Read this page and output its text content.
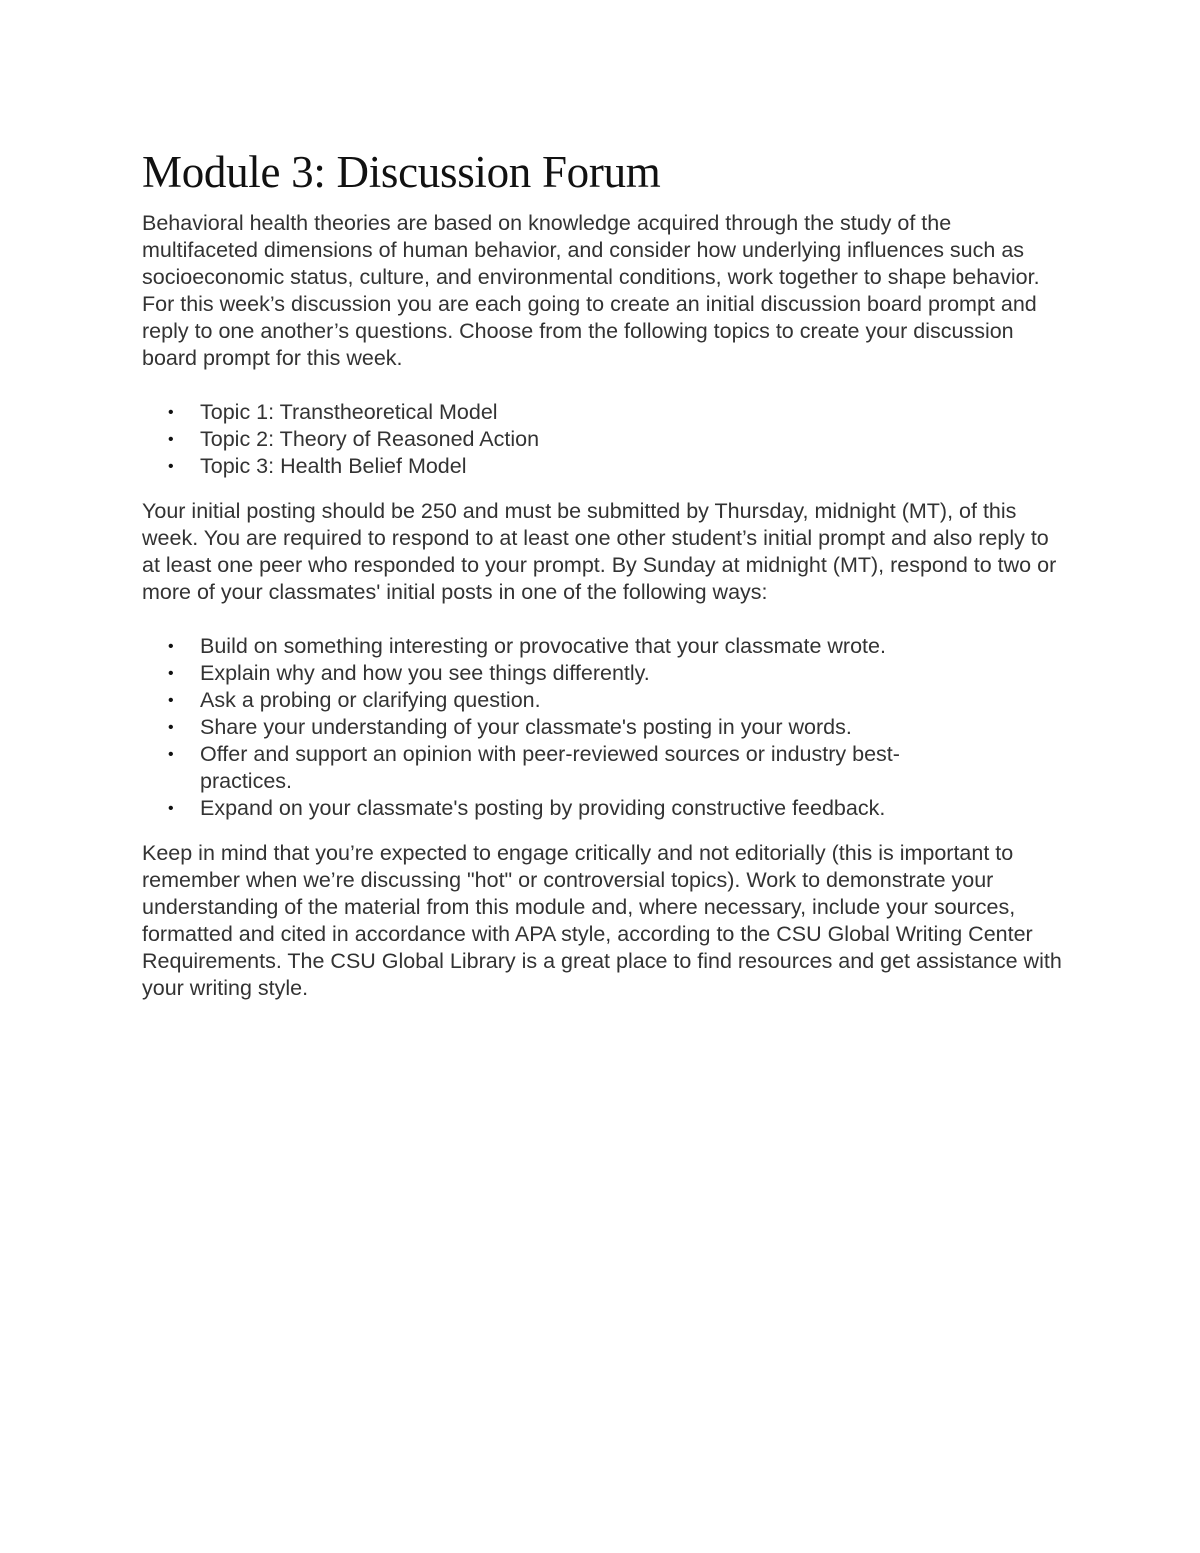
Module 3: Discussion Forum

Behavioral health theories are based on knowledge acquired through the study of the multifaceted dimensions of human behavior, and consider how underlying influences such as socioeconomic status, culture, and environmental conditions, work together to shape behavior. For this week’s discussion you are each going to create an initial discussion board prompt and reply to one another’s questions. Choose from the following topics to create your discussion board prompt for this week.

• Topic 1: Transtheoretical Model
• Topic 2: Theory of Reasoned Action
• Topic 3: Health Belief Model

Your initial posting should be 250 and must be submitted by Thursday, midnight (MT), of this week. You are required to respond to at least one other student’s initial prompt and also reply to at least one peer who responded to your prompt. By Sunday at midnight (MT), respond to two or more of your classmates' initial posts in one of the following ways:

• Build on something interesting or provocative that your classmate wrote.
• Explain why and how you see things differently.
• Ask a probing or clarifying question.
• Share your understanding of your classmate's posting in your words.
• Offer and support an opinion with peer-reviewed sources or industry best-practices.
• Expand on your classmate's posting by providing constructive feedback.

Keep in mind that you’re expected to engage critically and not editorially (this is important to remember when we’re discussing "hot" or controversial topics). Work to demonstrate your understanding of the material from this module and, where necessary, include your sources, formatted and cited in accordance with APA style, according to the CSU Global Writing Center Requirements. The CSU Global Library is a great place to find resources and get assistance with your writing style.
